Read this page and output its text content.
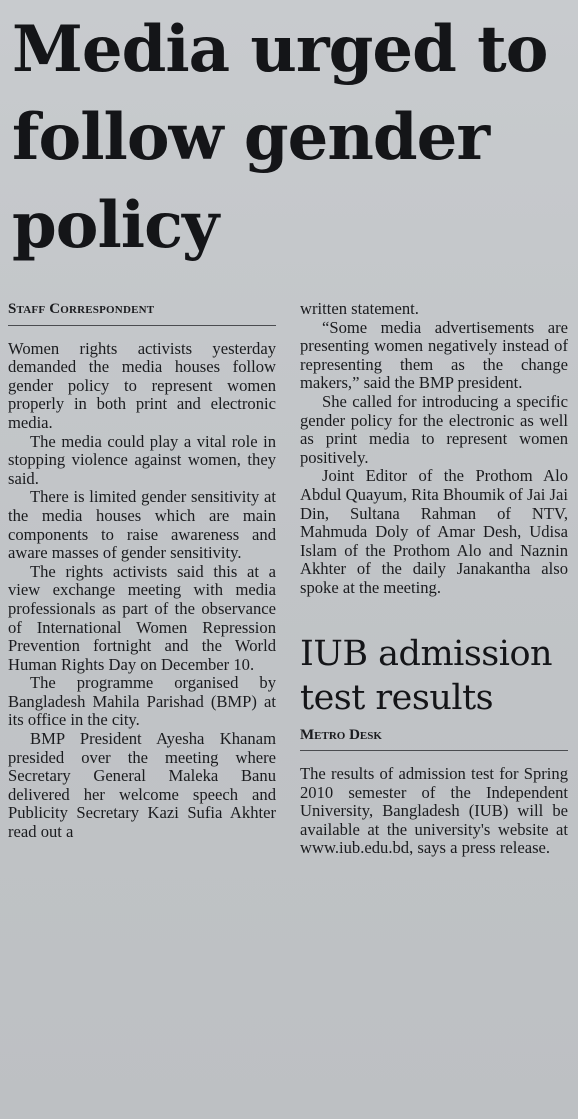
Media urged to follow gender policy
Staff Correspondent

Women rights activists yesterday demanded the media houses follow gender policy to represent women properly in both print and electronic media.

The media could play a vital role in stopping violence against women, they said.

There is limited gender sensitivity at the media houses which are main components to raise awareness and aware masses of gender sensitivity.

The rights activists said this at a view exchange meeting with media professionals as part of the observance of International Women Repression Prevention fortnight and the World Human Rights Day on December 10.

The programme organised by Bangladesh Mahila Parishad (BMP) at its office in the city.

BMP President Ayesha Khanam presided over the meeting where Secretary General Maleka Banu delivered her welcome speech and Publicity Secretary Kazi Sufia Akhter read out a

written statement.

“Some media advertisements are presenting women negatively instead of representing them as the change makers,” said the BMP president.

She called for introducing a specific gender policy for the electronic as well as print media to represent women positively.

Joint Editor of the Prothom Alo Abdul Quayum, Rita Bhoumik of Jai Jai Din, Sultana Rahman of NTV, Mahmuda Doly of Amar Desh, Udisa Islam of the Prothom Alo and Naznin Akhter of the daily Janakantha also spoke at the meeting.

IUB admission test results
Metro Desk

The results of admission test for Spring 2010 semester of the Independent University, Bangladesh (IUB) will be available at the university's website at www.iub.edu.bd, says a press release.
